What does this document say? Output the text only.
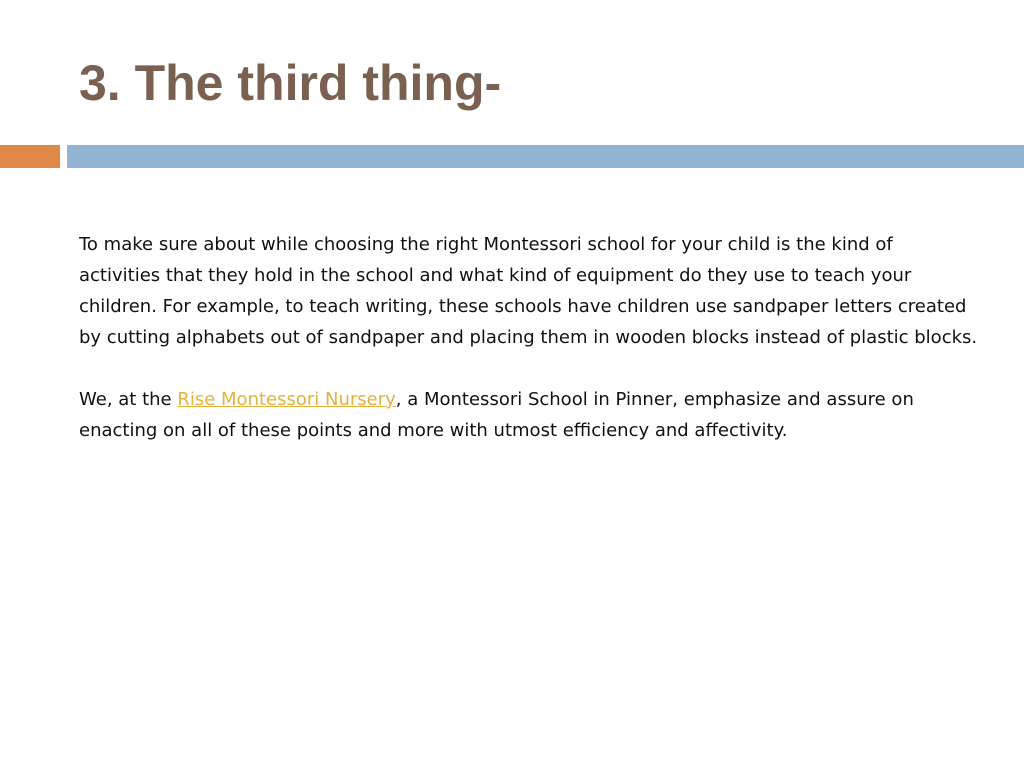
3. The third thing-

To make sure about while choosing the right Montessori school for your child is the kind of activities that they hold in the school and what kind of equipment do they use to teach your children. For example, to teach writing, these schools have children use sandpaper letters created by cutting alphabets out of sandpaper and placing them in wooden blocks instead of plastic blocks.

We, at the Rise Montessori Nursery, a Montessori School in Pinner, emphasize and assure on enacting on all of these points and more with utmost efficiency and affectivity.
